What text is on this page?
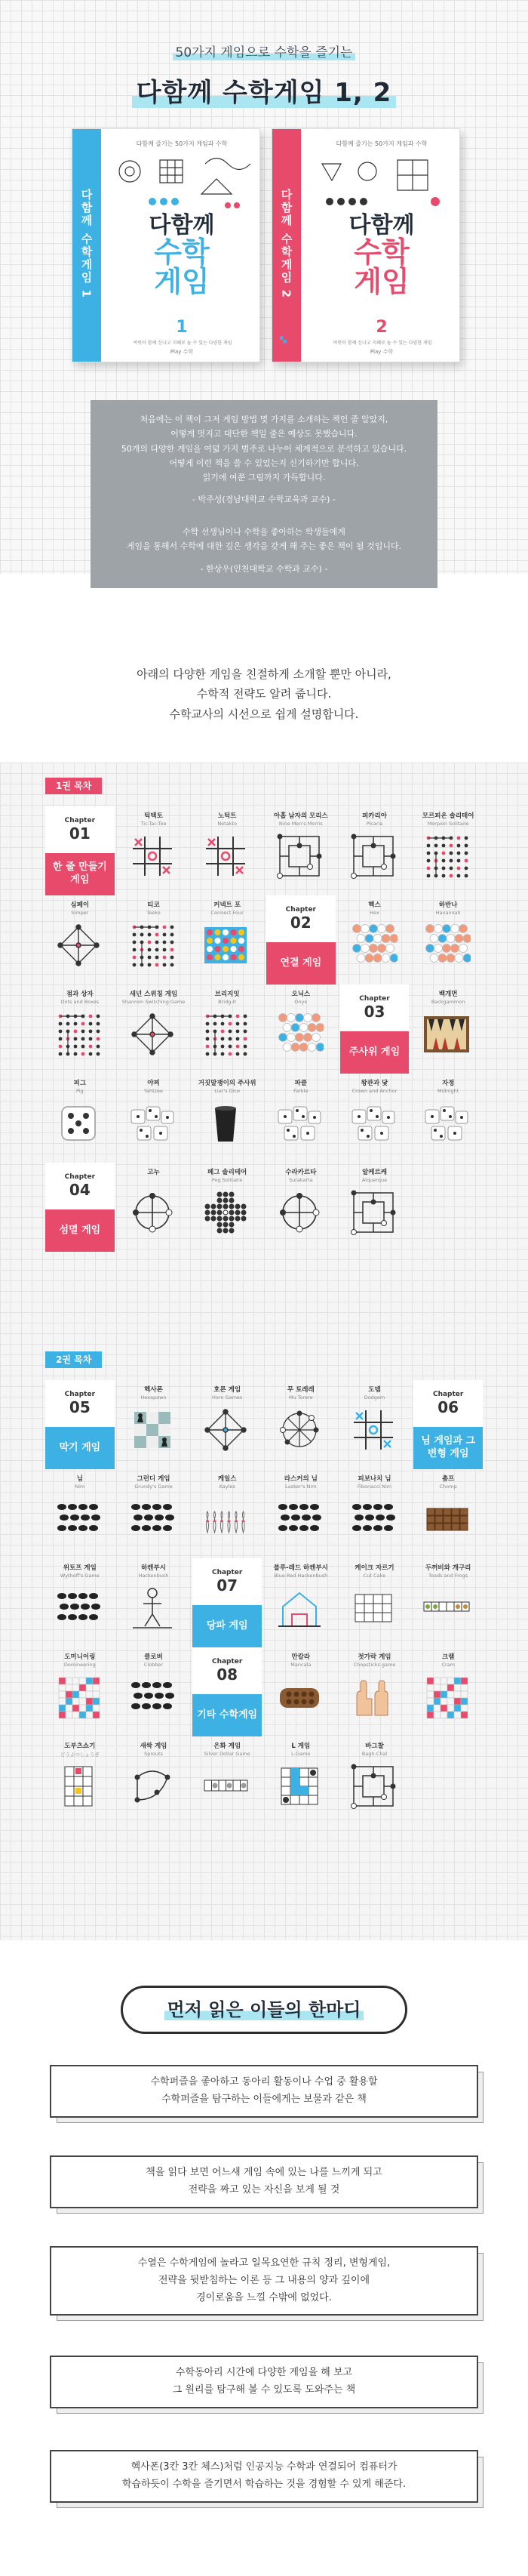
50가지 게임으로 수학을 즐기는
다함께 수학게임 1, 2
다함께 수학게임 1
다함께 즐기는 50가지 게임과 수학
다함께
수학
게임
1
여럿이 함께 신나고 지혜로 놀 수 있는 다양한 게임
Play 수학
다함께 수학게임 2
다함께 즐기는 50가지 게임과 수학
다함께
수학
게임
2
여럿이 함께 신나고 지혜로 놀 수 있는 다양한 게임
Play 수학
처음에는 이 책이 그저 게임 방법 몇 가지를 소개하는 책인 줄 알았지,
어떻게 멋지고 대단한 책일 줄은 예상도 못했습니다.
50개의 다양한 게임을 여덟 가지 범주로 나누어 체계적으로 분석하고 있습니다.
어떻게 이런 책을 쓸 수 있었는지 신기하기만 합니다.
읽기에 여쭌 그림까지 가득합니다.
- 박주성(경남대학교 수학교육과 교수) -
수학 선생님이나 수학을 좋아하는 학생들에게
게임을 통해서 수학에 대한 깊은 생각을 갖게 해 주는 좋은 책이 될 것입니다.
- 한상우(인천대학교 수학과 교수) -
아래의 다양한 게임을 친절하게 소개할 뿐만 아니라,
수학적 전략도 알려 줍니다.
수학교사의 시선으로 쉽게 설명합니다.
1권 목차
Chapter
01
한 줄 만들기 게임
틱택토
Tic-Tac-Toe
노턱트
Notakto
아홉 남자의 모리스
Nine Men's Morris
피카리아
Picaria
모르피온 솔리테어
Morpion Solitaire
심페이
Simper
티코
Teeko
커넥트 포
Connect Four	Chapter
02
연결 게임
헥스
Hex
하반나
Havannah
점과 상자
Dots and Boxes
새넌 스위칭 게임
Shannon Switching Game
브리지잇
Bridg-It
오닉스
Onyx	Chapter
03
주사위 게임
백개먼
Backgammon
피그
Pig
야찌
Yahtzee
거짓말쟁이의 주사위
Liar's Dice
파클
Farkle
왕관과 닻
Crown and Anchor
자정
Midnight
Chapter
04
섬멸 게임
고누	페그 솔리테어
Peg Solitaire
수라카르타
Surakarta
알케르케
Alquerque
2권 목차
Chapter
05
막기 게임
헥사폰
Hexapawn
호른 게임
Horn Games
무 토레레
Mu Torere
도뎀
Dodgem	Chapter
06
님 게임과 그 변형 게임
님
Nim
그런디 게임
Grundy's Game
케일스
Kayles
라스커의 님
Lasker's Nim
피보나치 님
Fibonacci Nim
촘프
Chomp
위토프 게임
Wythoff's Game
하켄부시
Hackenbush	Chapter
07
당파 게임
블루-레드 하켄부시
Blue-Red Hackenbush
케이크 자르기
Cut Cake
두꺼비와 개구리
Toads and Frogs
도미니어링
Domineering
클로버
Clobber	Chapter
08
기타 수학게임
만칼라
Mancala
젓가락 게임
Chopsticks game
크램
Cram
도부츠쇼기
どうぶつしょうぎ
새싹 게임
Sprouts
은화 게임
Silver Dollar Game
L 게임
L-Game
바그찰
Bagh-Chal
먼저 읽은 이들의 한마디
수학퍼즐을 좋아하고 동아리 활동이나 수업 중 활용할
수학퍼즐을 탐구하는 이들에게는 보물과 같은 책
책을 읽다 보면 어느새 게임 속에 있는 나를 느끼게 되고
전략을 짜고 있는 자신을 보게 될 것
수열은 수학게임에 놀라고 일목요연한 규칙 정리, 변형게임,
전략을 뒷받침하는 이론 등 그 내용의 양과 깊이에
경이로움을 느낄 수밖에 없었다.
수학동아리 시간에 다양한 게임을 해 보고
그 원리를 탐구해 볼 수 있도록 도와주는 책
헥사폰(3칸 3칸 체스)처럼 인공지능 수학과 연결되어 컴퓨터가
학습하듯이 수학을 즐기면서 학습하는 것을 경험할 수 있게 해준다.
